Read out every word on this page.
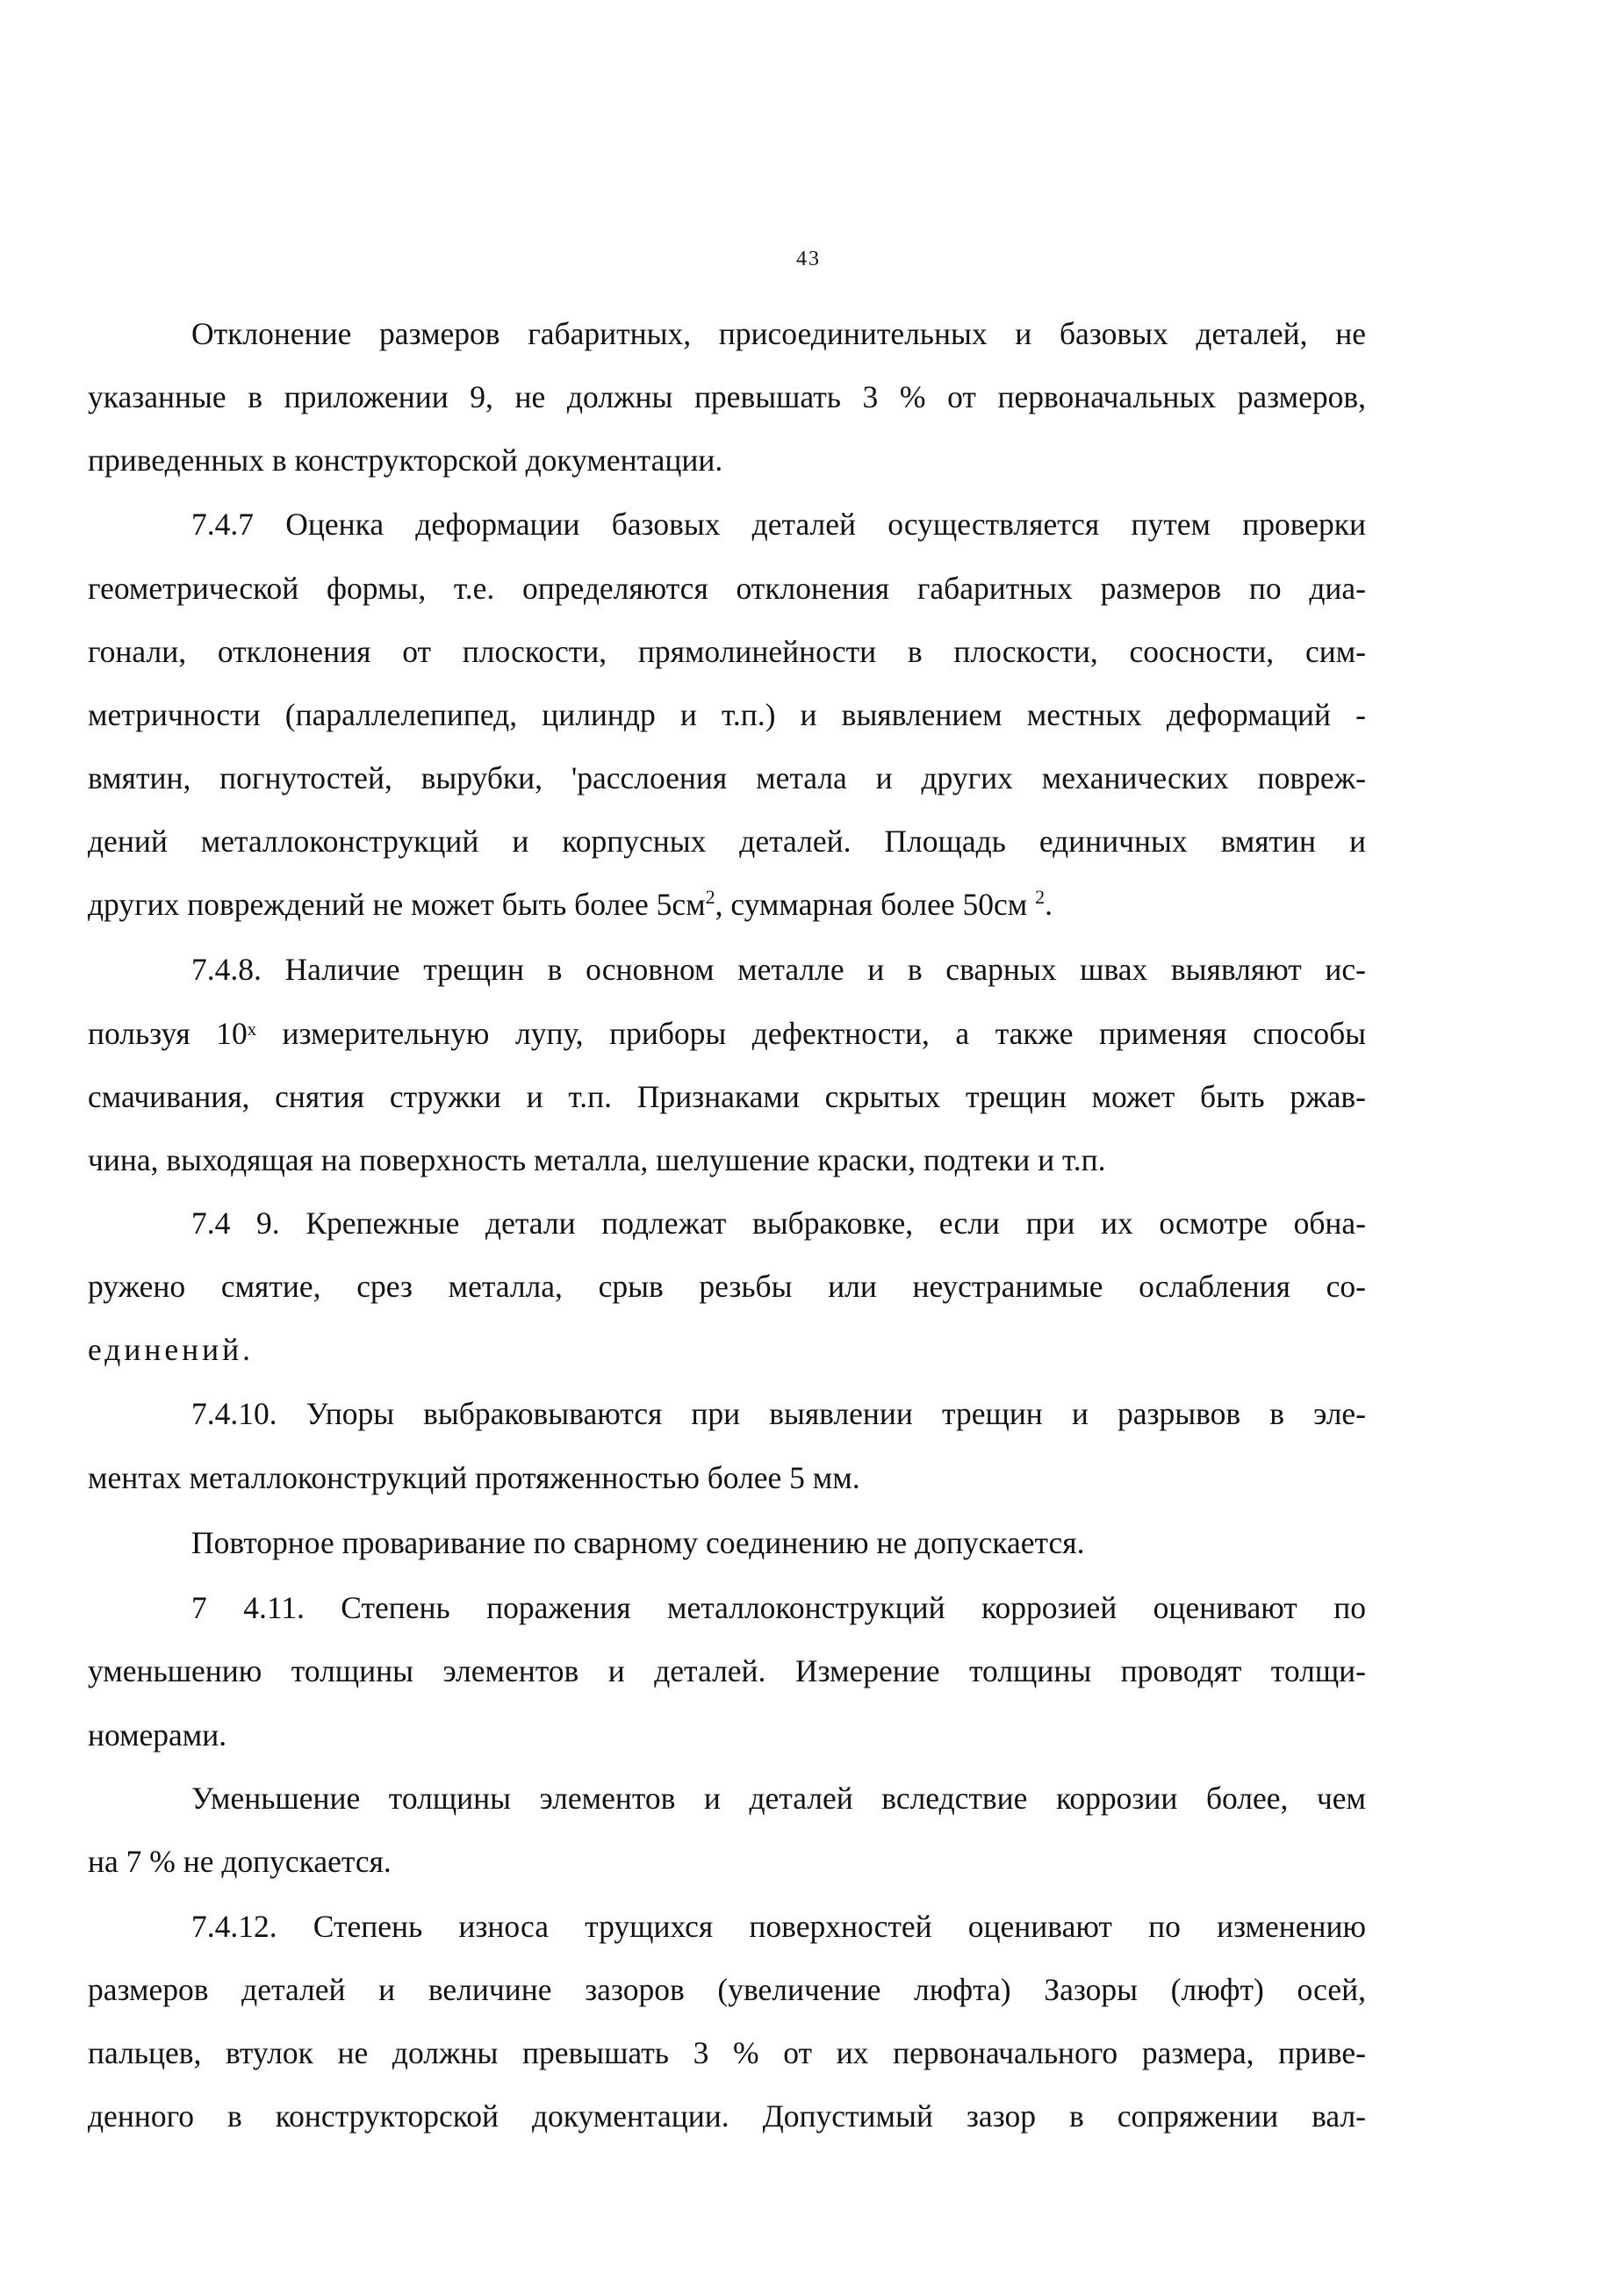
43
Отклонение размеров габаритных, присоединительных и базовых деталей, не
указанные в приложении 9, не должны превышать 3 % от первоначальных размеров,
приведенных в конструкторской документации.
7.4.7 Оценка деформации базовых деталей осуществляется путем проверки
геометрической формы, т.е. определяются отклонения габаритных размеров по диа-
гонали, отклонения от плоскости, прямолинейности в плоскости, соосности, сим-
метричности (параллелепипед, цилиндр и т.п.) и выявлением местных деформаций -
вмятин, погнутостей, вырубки, 'расслоения метала и других механических повреж-
дений металлоконструкций и корпусных деталей. Площадь единичных вмятин и
других повреждений не может быть более $5см^2$, суммарная более 50см $^2$.
7.4.8. Наличие трещин в основном металле и в сварных швах выявляют ис-
пользуя 10ˣ измерительную лупу, приборы дефектности, а также применяя способы
смачивания, снятия стружки и т.п. Признаками скрытых трещин может быть ржав-
чина, выходящая на поверхность металла, шелушение краски, подтеки и т.п.
7.4 9. Крепежные детали подлежат выбраковке, если при их осмотре обна-
ружено смятие, срез металла, срыв резьбы или неустранимые ослабления со-
единений.
7.4.10. Упоры выбраковываются при выявлении трещин и разрывов в эле-
ментах металлоконструкций протяженностью более 5 мм.
Повторное проваривание по сварному соединению не допускается.
7 4.11. Степень поражения металлоконструкций коррозией оценивают по
уменьшению толщины элементов и деталей. Измерение толщины проводят толщи-
номерами.
Уменьшение толщины элементов и деталей вследствие коррозии более, чем
на 7 % не допускается.
7.4.12. Степень износа трущихся поверхностей оценивают по изменению
размеров деталей и величине зазоров (увеличение люфта) Зазоры (люфт) осей,
пальцев, втулок не должны превышать 3 % от их первоначального размера, приве-
денного в конструкторской документации. Допустимый зазор в сопряжении вал-
